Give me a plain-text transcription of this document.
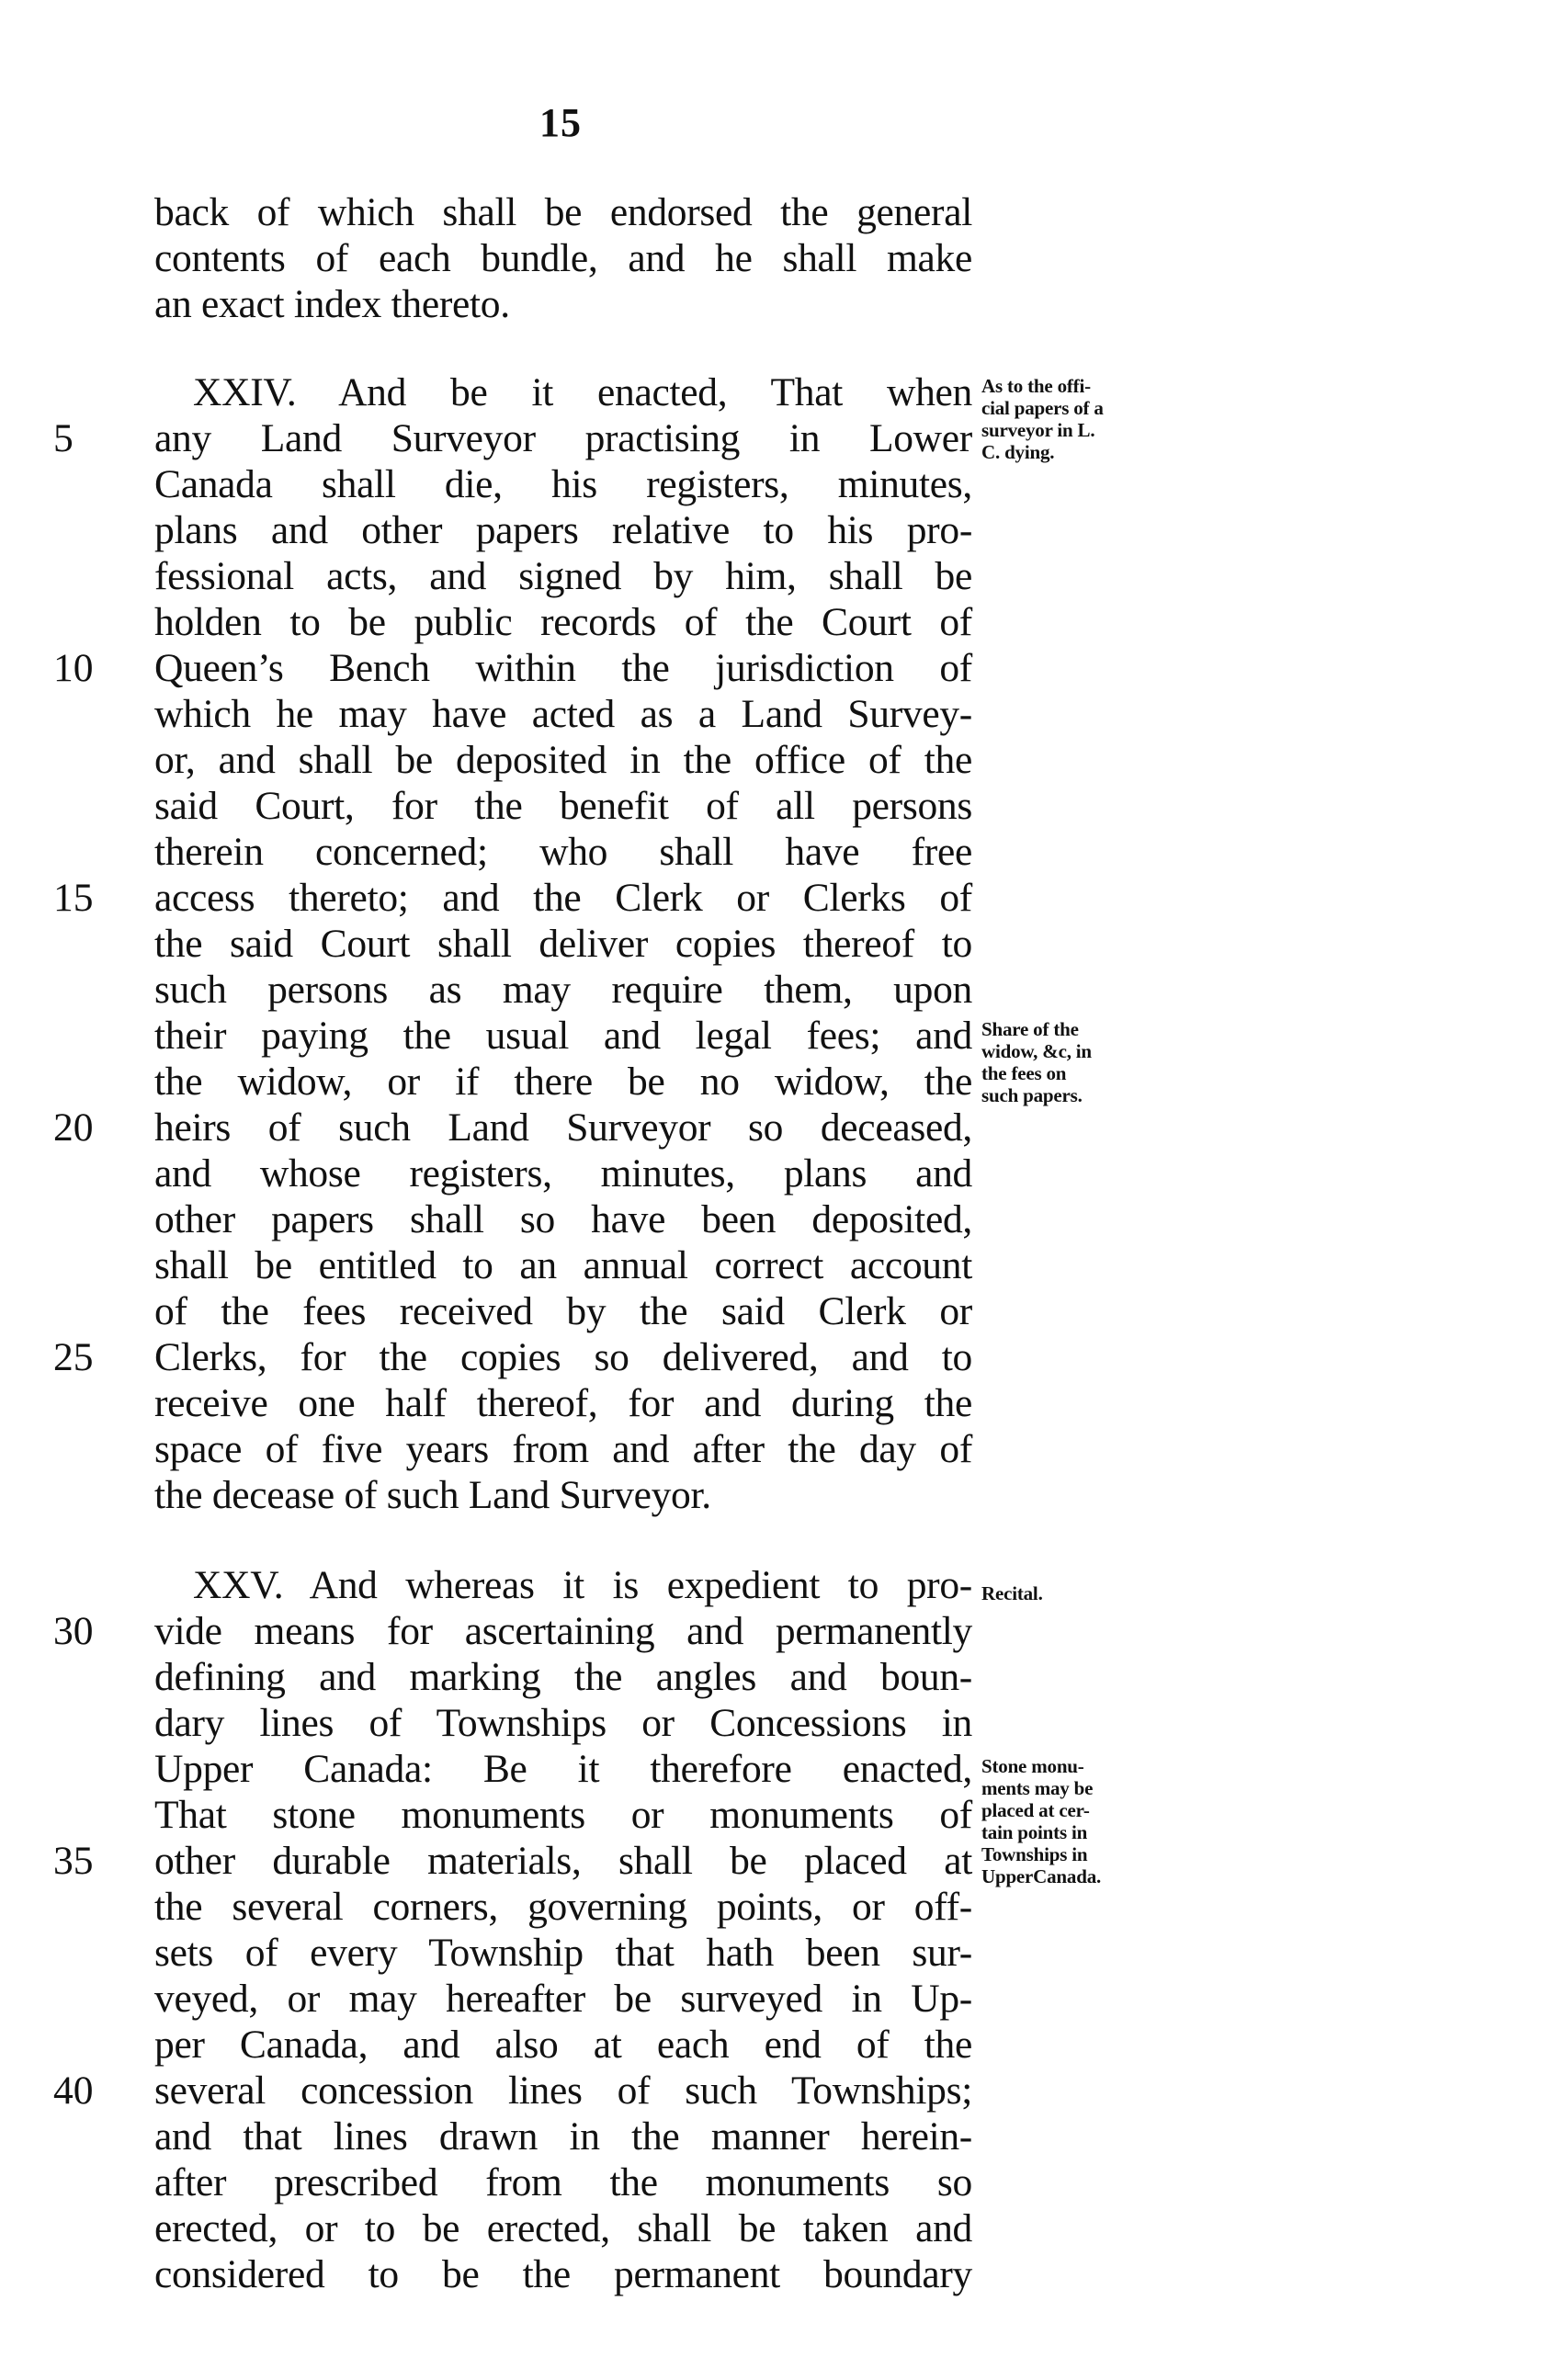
15
back of which shall be endorsed the general
contents of each bundle, and he shall make
an exact index thereto.
XXIV. And be it enacted, That when
any Land Surveyor practising in Lower
Canada shall die, his registers, minutes,
plans and other papers relative to his pro-
fessional acts, and signed by him, shall be
holden to be public records of the Court of
Queen’s Bench within the jurisdiction of
which he may have acted as a Land Survey-
or, and shall be deposited in the office of the
said Court, for the benefit of all persons
therein concerned; who shall have free
access thereto; and the Clerk or Clerks of
the said Court shall deliver copies thereof to
such persons as may require them, upon
their paying the usual and legal fees; and
the widow, or if there be no widow, the
heirs of such Land Surveyor so deceased,
and whose registers, minutes, plans and
other papers shall so have been deposited,
shall be entitled to an annual correct account
of the fees received by the said Clerk or
Clerks, for the copies so delivered, and to
receive one half thereof, for and during the
space of five years from and after the day of
the decease of such Land Surveyor.
XXV. And whereas it is expedient to pro-
vide means for ascertaining and permanently
defining and marking the angles and boun-
dary lines of Townships or Concessions in
Upper Canada: Be it therefore enacted,
That stone monuments or monuments of
other durable materials, shall be placed at
the several corners, governing points, or off-
sets of every Township that hath been sur-
veyed, or may hereafter be surveyed in Up-
per Canada, and also at each end of the
several concession lines of such Townships;
and that lines drawn in the manner herein-
after prescribed from the monuments so
erected, or to be erected, shall be taken and
considered to be the permanent boundary
5
10
15
20
25
30
35
40
As to the offi-
cial papers of a
surveyor in L.
C. dying.
Share of the
widow, &c, in
the fees on
such papers.
Recital.
Stone monu-
ments may be
placed at cer-
tain points in
Townships in
UpperCanada.
